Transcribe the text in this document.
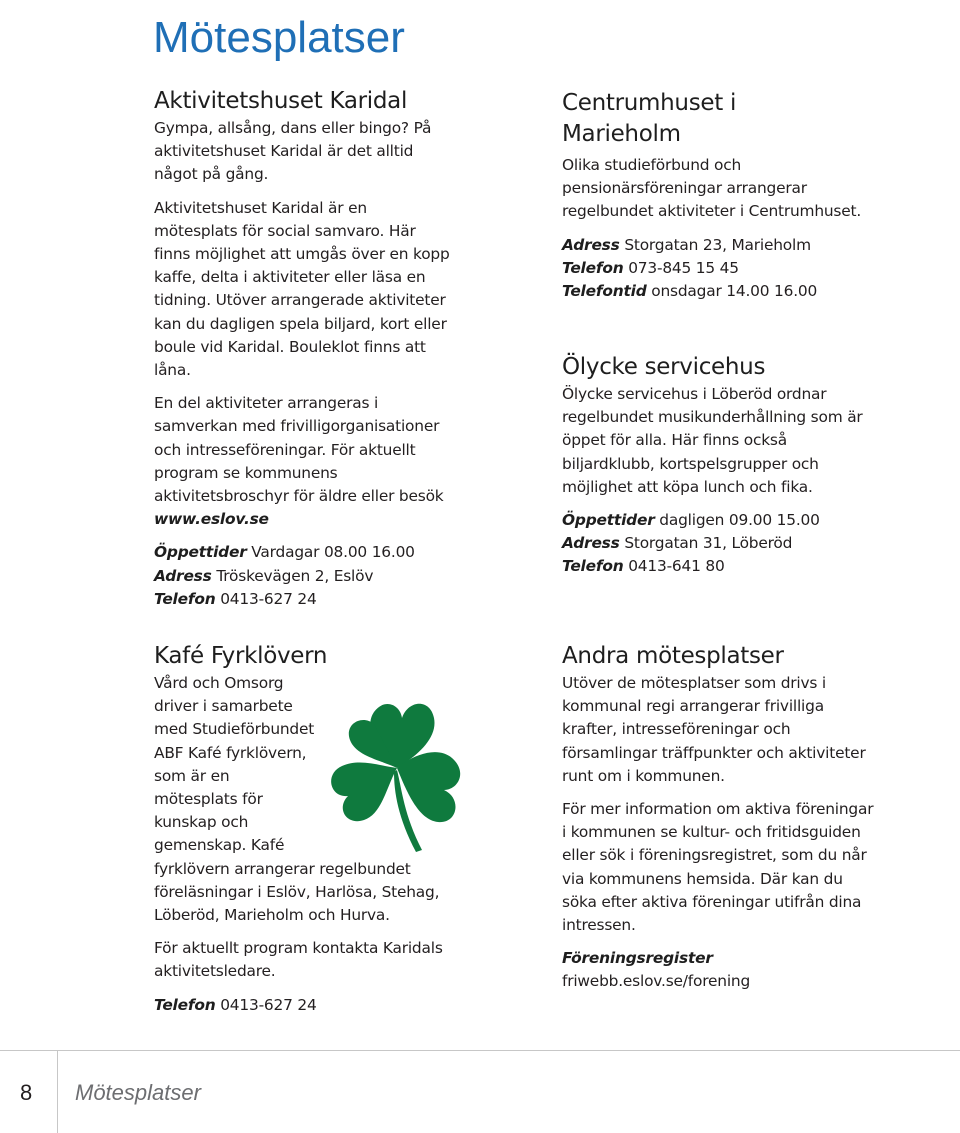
Mötesplatser
Aktivitetshuset Karidal

Gympa, allsång, dans eller bingo? På aktivitetshuset Karidal är det alltid något på gång.

Aktivitetshuset Karidal är en mötesplats för social samvaro. Här finns möjlighet att umgås över en kopp kaffe, delta i aktiviteter eller läsa en tidning. Utöver arrangerade aktiviteter kan du dagligen spela biljard, kort eller boule vid Karidal. Bouleklot finns att låna.

En del aktiviteter arrangeras i samverkan med frivilligorganisationer och intresseföreningar. För aktuellt program se kommunens aktivitetsbroschyr för äldre eller besök www.eslov.se

Öppettider Vardagar 08.00 16.00
Adress Tröskevägen 2, Eslöv
Telefon 0413-627 24

Centrumhuset i Marieholm

Olika studieförbund och pensionärsföreningar arrangerar regelbundet aktiviteter i Centrumhuset.

Adress Storgatan 23, Marieholm
Telefon 073-845 15 45
Telefontid onsdagar 14.00 16.00

Ölycke servicehus

Ölycke servicehus i Löberöd ordnar regelbundet musikunderhållning som är öppet för alla. Här finns också biljardklubb, kortspelsgrupper och möjlighet att köpa lunch och fika.

Öppettider dagligen 09.00 15.00
Adress Storgatan 31, Löberöd
Telefon 0413-641 80

Kafé Fyrklövern

Vård och Omsorg driver i samarbete med Studieförbundet ABF Kafé fyrklövern, som är en mötesplats för kunskap och gemenskap. Kafé fyrklövern arrangerar regelbundet föreläsningar i Eslöv, Harlösa, Stehag, Löberöd, Marieholm och Hurva.

För aktuellt program kontakta Karidals aktivitetsledare.

Telefon 0413-627 24

Andra mötesplatser

Utöver de mötesplatser som drivs i kommunal regi arrangerar frivilliga krafter, intresseföreningar och församlingar träffpunkter och aktiviteter runt om i kommunen.

För mer information om aktiva föreningar i kommunen se kultur- och fritidsguiden eller sök i föreningsregistret, som du når via kommunens hemsida. Där kan du söka efter aktiva föreningar utifrån dina intressen.

Föreningsregister
friwebb.eslov.se/forening

8 Mötesplatser
